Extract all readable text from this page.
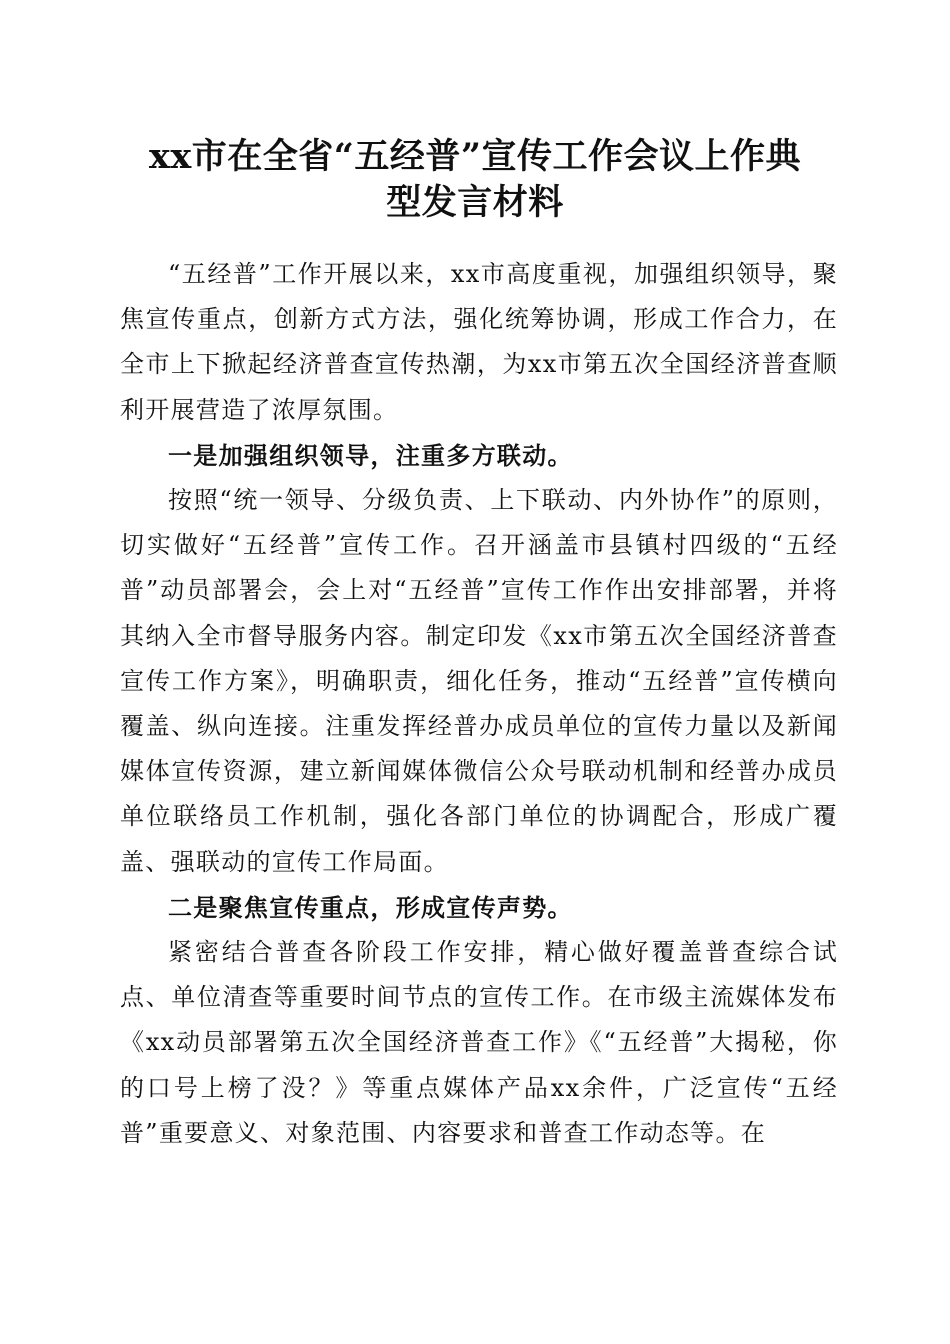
xx市在全省“五经普”宣传工作会议上作典
型发言材料

“五经普”工作开展以来，xx市高度重视，加强组织领导，聚焦宣传重点，创新方式方法，强化统筹协调，形成工作合力，在全市上下掀起经济普查宣传热潮，为xx市第五次全国经济普查顺利开展营造了浓厚氛围。

一是加强组织领导，注重多方联动。

按照“统一领导、分级负责、上下联动、内外协作”的原则，切实做好“五经普”宣传工作。召开涵盖市县镇村四级的“五经普”动员部署会，会上对“五经普”宣传工作作出安排部署，并将其纳入全市督导服务内容。制定印发《xx市第五次全国经济普查宣传工作方案》，明确职责，细化任务，推动“五经普”宣传横向覆盖、纵向连接。注重发挥经普办成员单位的宣传力量以及新闻媒体宣传资源，建立新闻媒体微信公众号联动机制和经普办成员单位联络员工作机制，强化各部门单位的协调配合，形成广覆盖、强联动的宣传工作局面。

二是聚焦宣传重点，形成宣传声势。

紧密结合普查各阶段工作安排，精心做好覆盖普查综合试点、单位清查等重要时间节点的宣传工作。在市级主流媒体发布《xx动员部署第五次全国经济普查工作》《“五经普”大揭秘，你的口号上榜了没？》等重点媒体产品xx余件，广泛宣传“五经普”重要意义、对象范围、内容要求和普查工作动态等。在
